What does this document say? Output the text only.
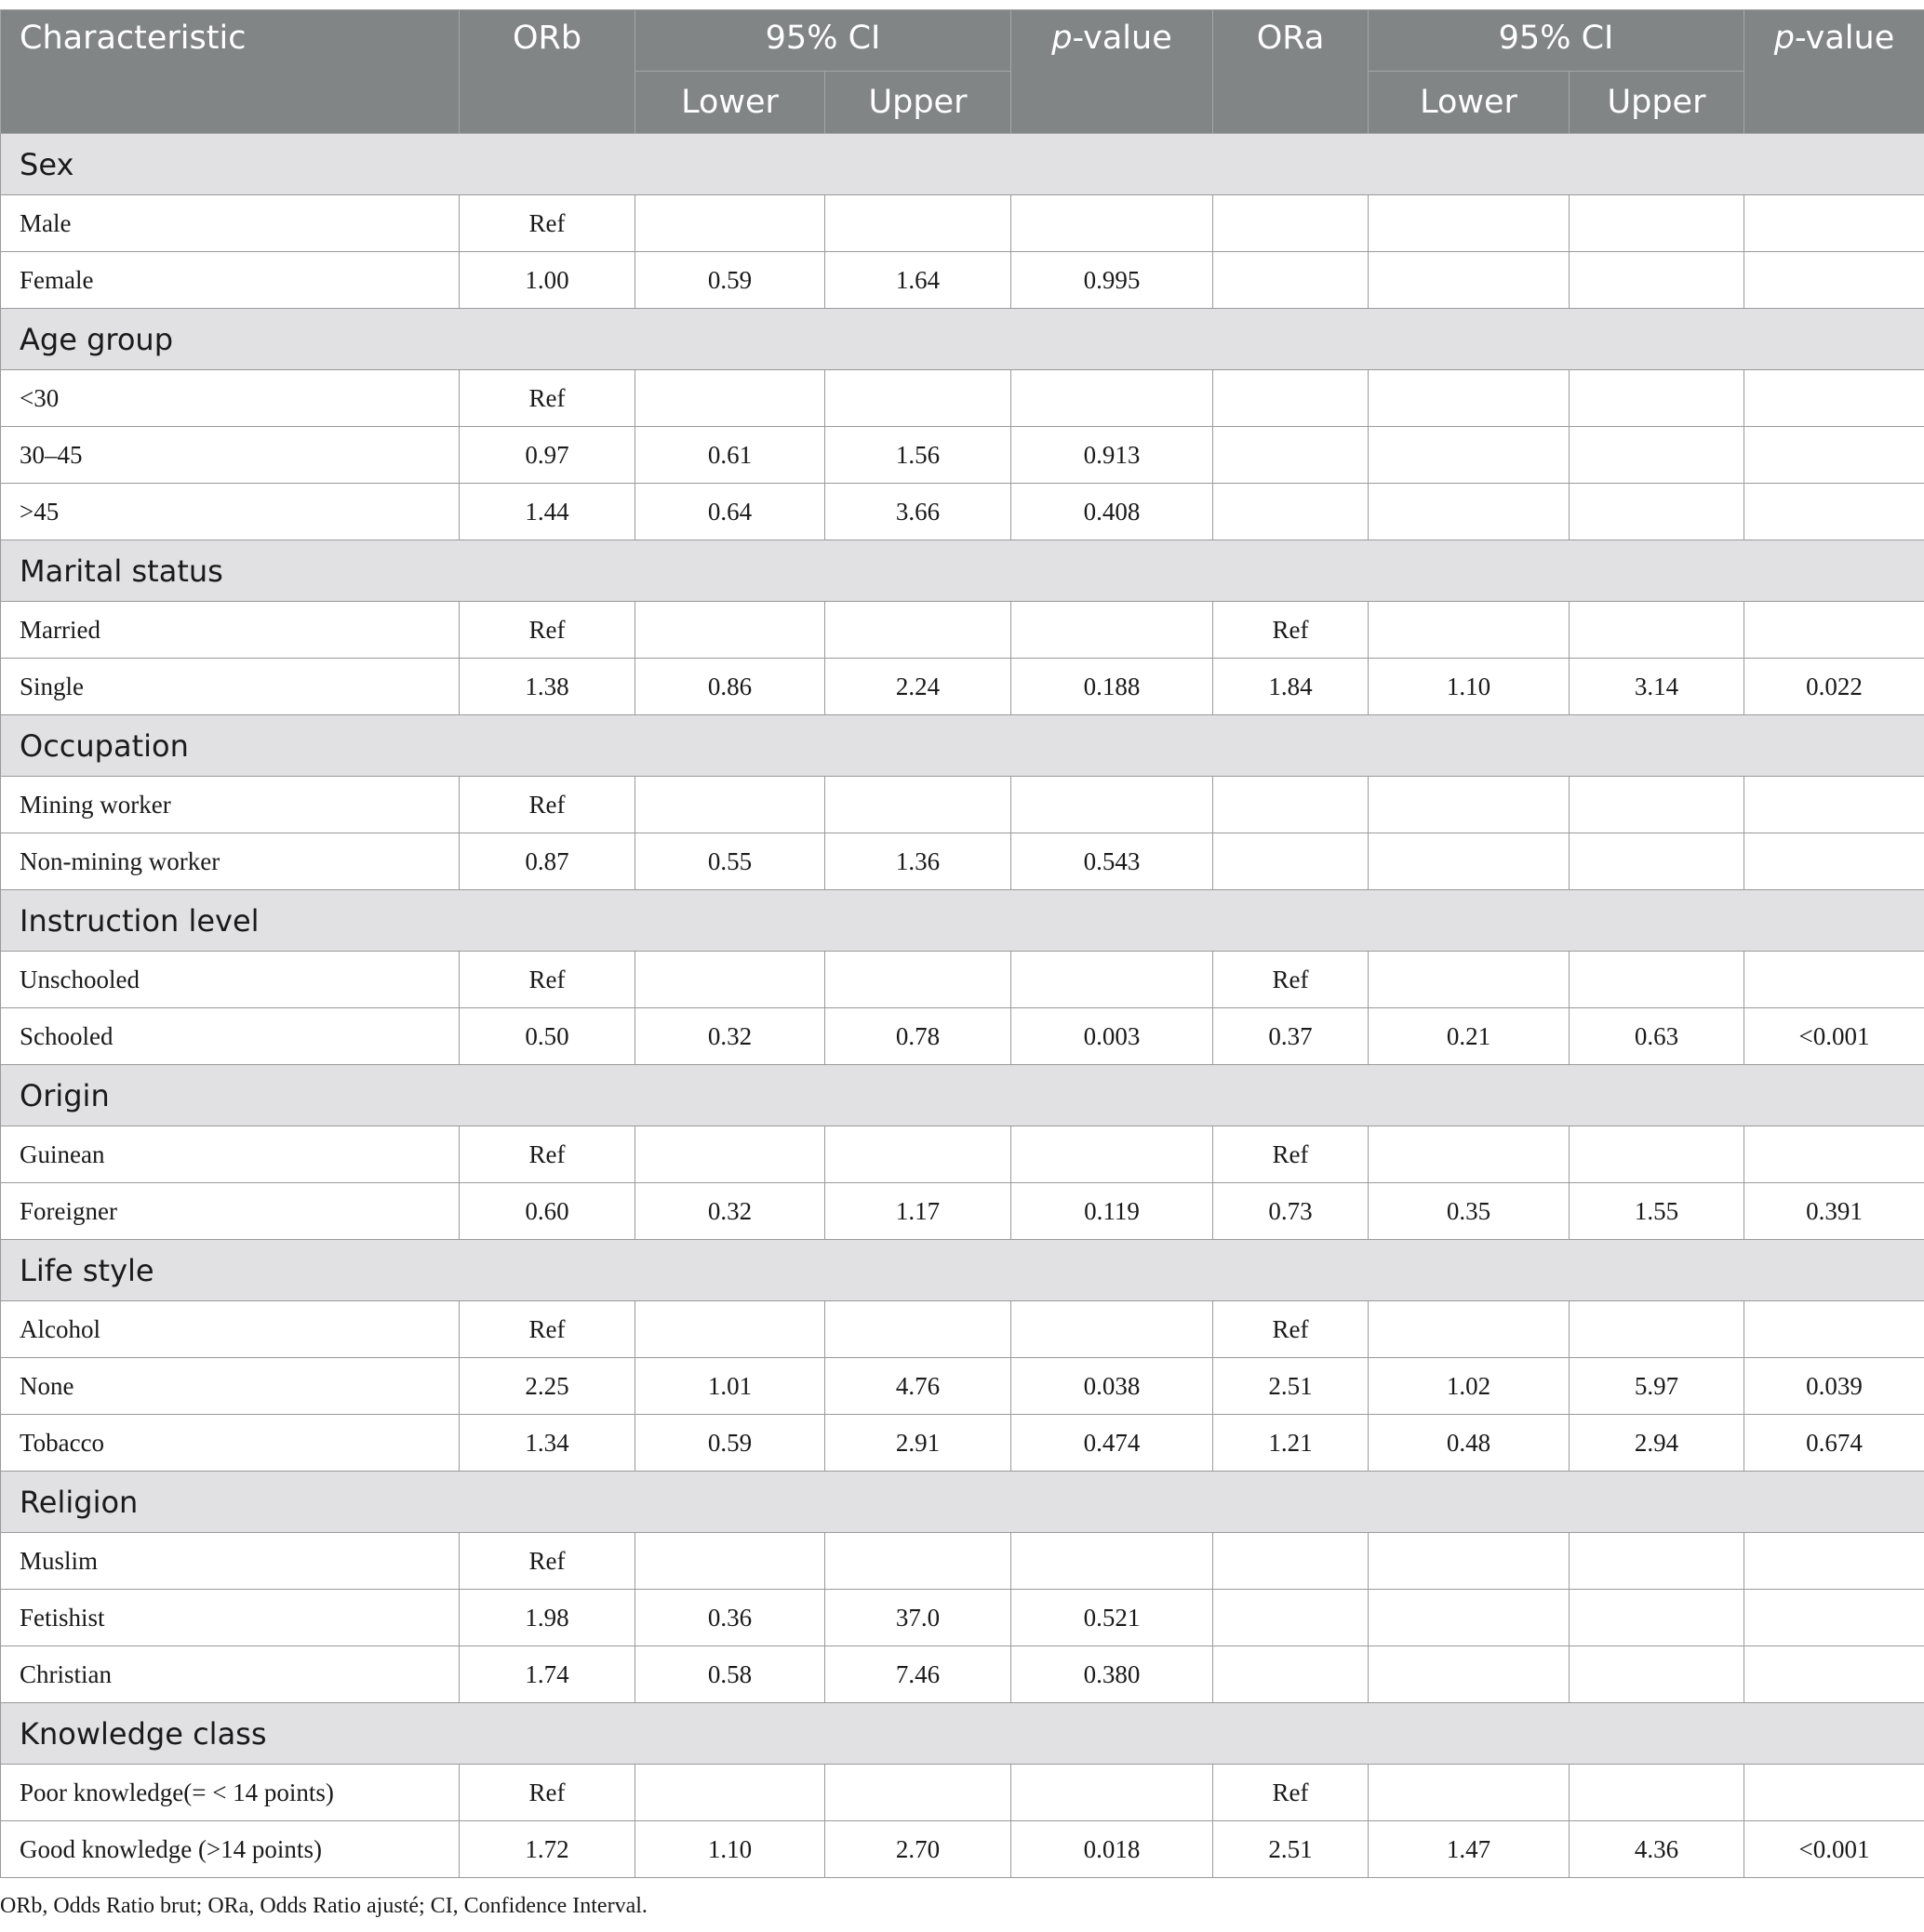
Characteristic	ORb	95% CI		p-value	ORa	95% CI		p-value
		Lower	Upper			Lower	Upper	
Sex								
Male	Ref							
Female	1.00	0.59	1.64	0.995				
Age group								
<30	Ref							
30–45	0.97	0.61	1.56	0.913				
>45	1.44	0.64	3.66	0.408				
Marital status								
Married	Ref				Ref			
Single	1.38	0.86	2.24	0.188	1.84	1.10	3.14	0.022
Occupation								
Mining worker	Ref							
Non-mining worker	0.87	0.55	1.36	0.543				
Instruction level								
Unschooled	Ref				Ref			
Schooled	0.50	0.32	0.78	0.003	0.37	0.21	0.63	<0.001
Origin								
Guinean	Ref				Ref			
Foreigner	0.60	0.32	1.17	0.119	0.73	0.35	1.55	0.391
Life style								
Alcohol	Ref				Ref			
None	2.25	1.01	4.76	0.038	2.51	1.02	5.97	0.039
Tobacco	1.34	0.59	2.91	0.474	1.21	0.48	2.94	0.674
Religion								
Muslim	Ref							
Fetishist	1.98	0.36	37.0	0.521				
Christian	1.74	0.58	7.46	0.380				
Knowledge class								
Poor knowledge(= < 14 points)	Ref				Ref			
Good knowledge (>14 points)	1.72	1.10	2.70	0.018	2.51	1.47	4.36	<0.001
ORb, Odds Ratio brut; ORa, Odds Ratio ajusté; CI, Confidence Interval.
